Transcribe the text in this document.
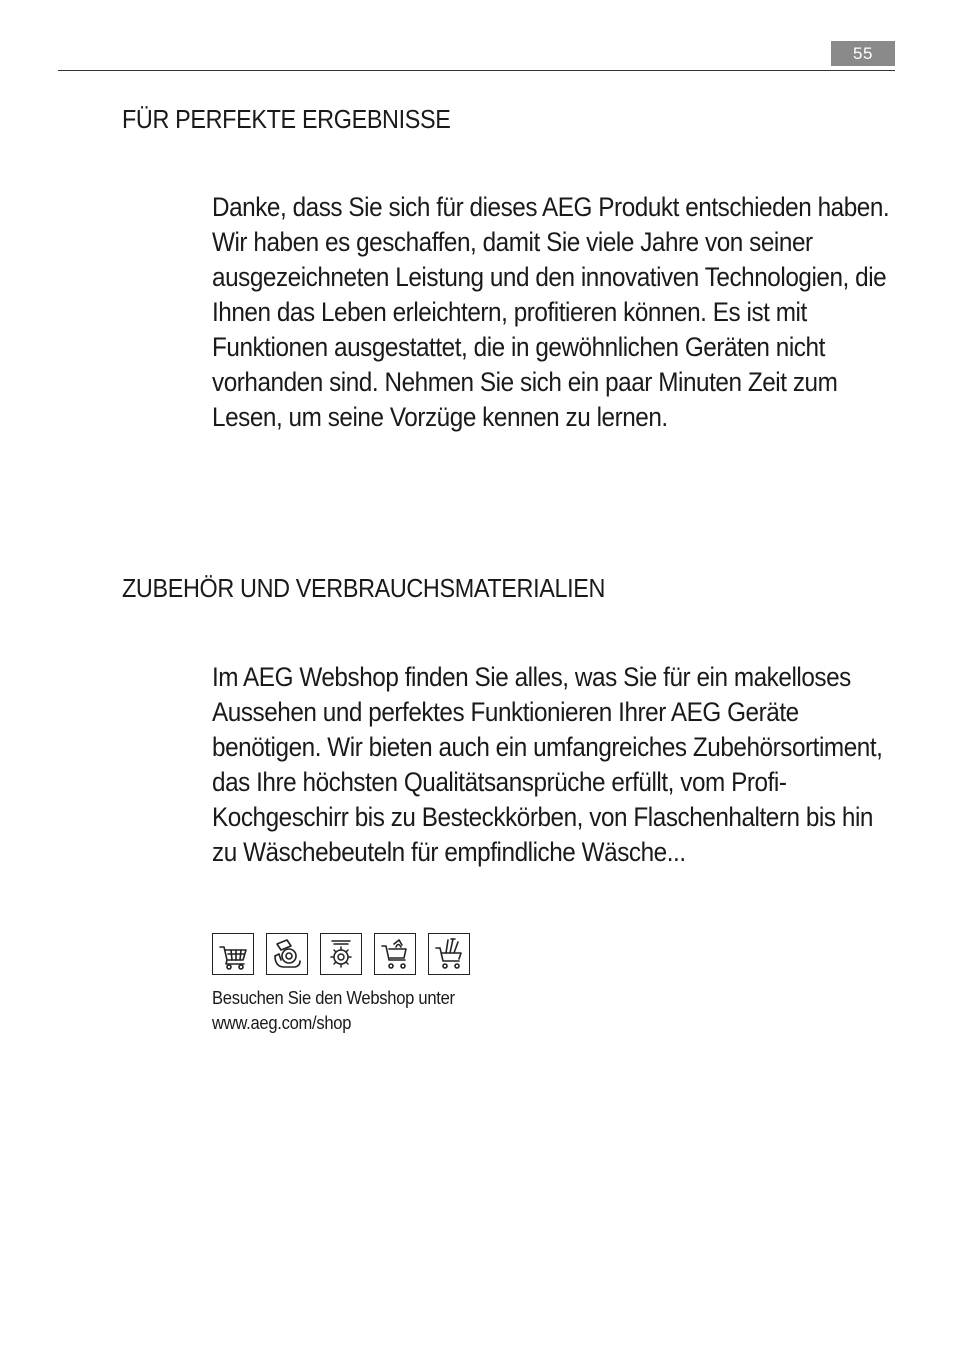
55
FÜR PERFEKTE ERGEBNISSE

Danke, dass Sie sich für dieses AEG Produkt entschieden haben. Wir haben es geschaffen, damit Sie viele Jahre von seiner ausgezeichneten Leistung und den innovativen Technologien, die Ihnen das Leben erleichtern, profitieren können. Es ist mit Funktionen ausgestattet, die in gewöhnlichen Geräten nicht vorhanden sind. Nehmen Sie sich ein paar Minuten Zeit zum Lesen, um seine Vorzüge kennen zu lernen.

ZUBEHÖR UND VERBRAUCHSMATERIALIEN

Im AEG Webshop finden Sie alles, was Sie für ein makelloses Aussehen und perfektes Funktionieren Ihrer AEG Geräte benötigen. Wir bieten auch ein umfangreiches Zubehörsortiment, das Ihre höchsten Qualitätsansprüche erfüllt, vom Profi-Kochgeschirr bis zu Besteckkörben, von Flaschenhaltern bis hin zu Wäschebeuteln für empfindliche Wäsche...

Besuchen Sie den Webshop unter
www.aeg.com/shop
